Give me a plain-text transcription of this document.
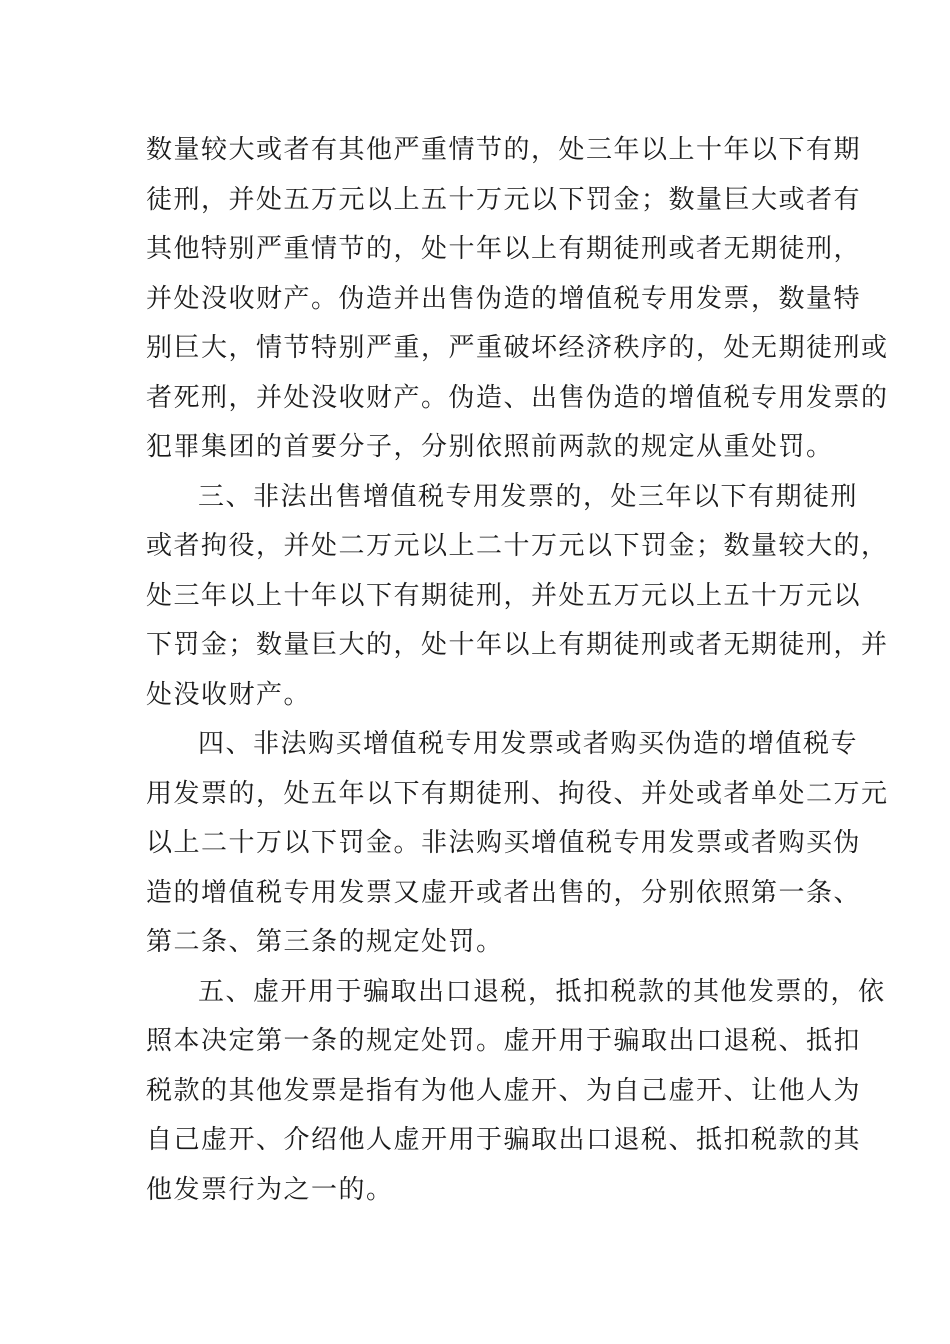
数量较大或者有其他严重情节的，处三年以上十年以下有期
徒刑，并处五万元以上五十万元以下罚金；数量巨大或者有
其他特别严重情节的，处十年以上有期徒刑或者无期徒刑，
并处没收财产。伪造并出售伪造的增值税专用发票，数量特
别巨大，情节特别严重，严重破坏经济秩序的，处无期徒刑或
者死刑，并处没收财产。伪造、出售伪造的增值税专用发票的
犯罪集团的首要分子，分别依照前两款的规定从重处罚。
三、非法出售增值税专用发票的，处三年以下有期徒刑
或者拘役，并处二万元以上二十万元以下罚金；数量较大的，
处三年以上十年以下有期徒刑，并处五万元以上五十万元以
下罚金；数量巨大的，处十年以上有期徒刑或者无期徒刑，并
处没收财产。
四、非法购买增值税专用发票或者购买伪造的增值税专
用发票的，处五年以下有期徒刑、拘役、并处或者单处二万元
以上二十万以下罚金。非法购买增值税专用发票或者购买伪
造的增值税专用发票又虚开或者出售的，分别依照第一条、
第二条、第三条的规定处罚。
五、虚开用于骗取出口退税，抵扣税款的其他发票的，依
照本决定第一条的规定处罚。虚开用于骗取出口退税、抵扣
税款的其他发票是指有为他人虚开、为自己虚开、让他人为
自己虚开、介绍他人虚开用于骗取出口退税、抵扣税款的其
他发票行为之一的。
